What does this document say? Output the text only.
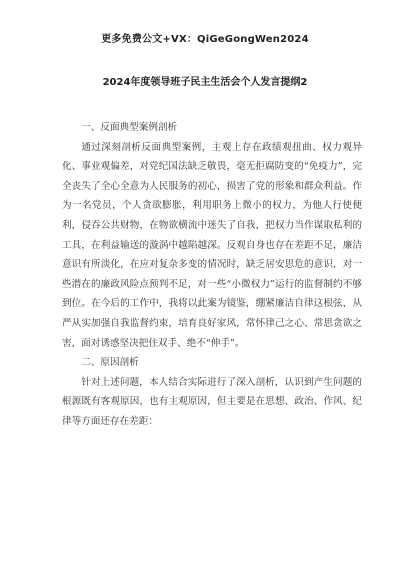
更多免费公文+VX：QiGeGongWen2024
2024年度领导班子民主生活会个人发言提纲2

一、反面典型案例剖析

通过深刻剖析反面典型案例，主观上存在政绩观扭曲、权力观异化、事业观偏差，对党纪国法缺乏敬畏，毫无拒腐防变的“免疫力”，完全丧失了全心全意为人民服务的初心，损害了党的形象和群众利益。作为一名党员，个人贪欲膨胀，利用职务上微小的权力，为他人行使便利，侵吞公共财物，在物欲横流中迷失了自我，把权力当作谋取私利的工具，在利益输送的漩涡中越陷越深。反观自身也存在差距不足，廉洁意识有所淡化，在应对复杂多变的情况时，缺乏居安思危的意识，对一些潜在的廉政风险点预判不足，对一些“小微权力”运行的监督制约不够到位。在今后的工作中，我将以此案为镜鉴，绷紧廉洁自律这根弦，从严从实加强自我监督约束，培育良好家风，常怀律己之心、常思贪欲之害，面对诱惑坚决把住双手、绝不“伸手”。

二、原因剖析

针对上述问题，本人结合实际进行了深入剖析，认识到产生问题的根源既有客观原因，也有主观原因，但主要是在思想、政治、作风、纪律等方面还存在差距：
